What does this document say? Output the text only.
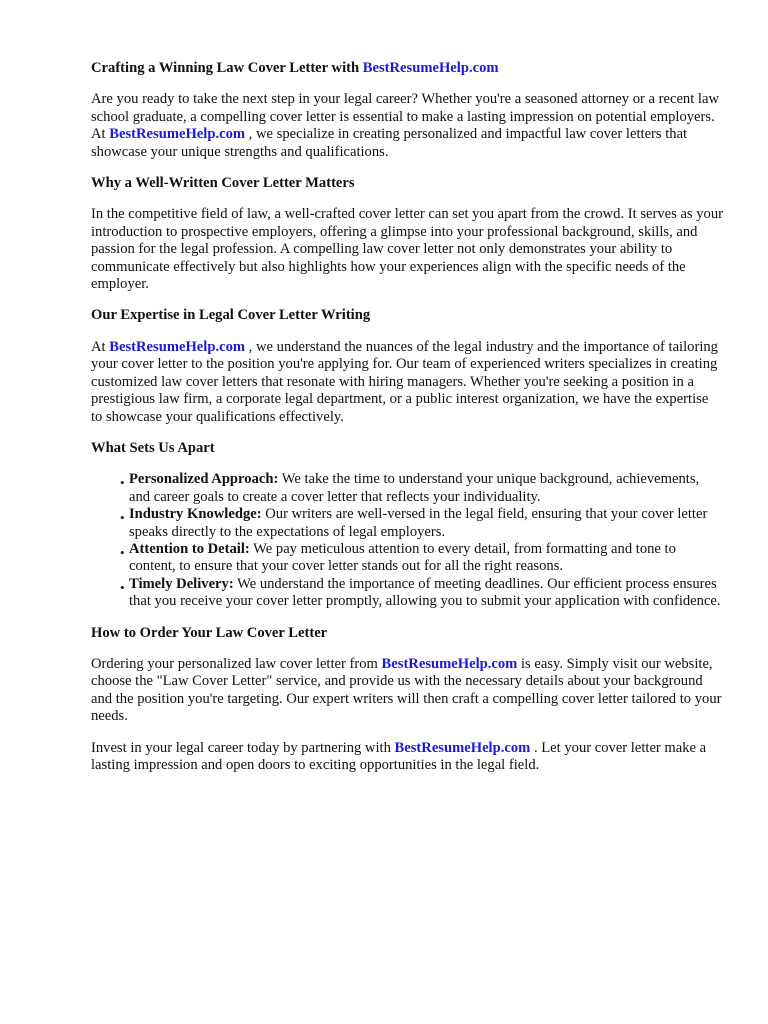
Crafting a Winning Law Cover Letter with BestResumeHelp.com

Are you ready to take the next step in your legal career? Whether you're a seasoned attorney or a recent law school graduate, a compelling cover letter is essential to make a lasting impression on potential employers. At BestResumeHelp.com , we specialize in creating personalized and impactful law cover letters that showcase your unique strengths and qualifications.

Why a Well-Written Cover Letter Matters

In the competitive field of law, a well-crafted cover letter can set you apart from the crowd. It serves as your introduction to prospective employers, offering a glimpse into your professional background, skills, and passion for the legal profession. A compelling law cover letter not only demonstrates your ability to communicate effectively but also highlights how your experiences align with the specific needs of the employer.

Our Expertise in Legal Cover Letter Writing

At BestResumeHelp.com , we understand the nuances of the legal industry and the importance of tailoring your cover letter to the position you're applying for. Our team of experienced writers specializes in creating customized law cover letters that resonate with hiring managers. Whether you're seeking a position in a prestigious law firm, a corporate legal department, or a public interest organization, we have the expertise to showcase your qualifications effectively.

What Sets Us Apart
• Personalized Approach: We take the time to understand your unique background, achievements, and career goals to create a cover letter that reflects your individuality.
• Industry Knowledge: Our writers are well-versed in the legal field, ensuring that your cover letter speaks directly to the expectations of legal employers.
• Attention to Detail: We pay meticulous attention to every detail, from formatting and tone to content, to ensure that your cover letter stands out for all the right reasons.
• Timely Delivery: We understand the importance of meeting deadlines. Our efficient process ensures that you receive your cover letter promptly, allowing you to submit your application with confidence.
How to Order Your Law Cover Letter

Ordering your personalized law cover letter from BestResumeHelp.com is easy. Simply visit our website, choose the "Law Cover Letter" service, and provide us with the necessary details about your background and the position you're targeting. Our expert writers will then craft a compelling cover letter tailored to your needs.

Invest in your legal career today by partnering with BestResumeHelp.com . Let your cover letter make a lasting impression and open doors to exciting opportunities in the legal field.
